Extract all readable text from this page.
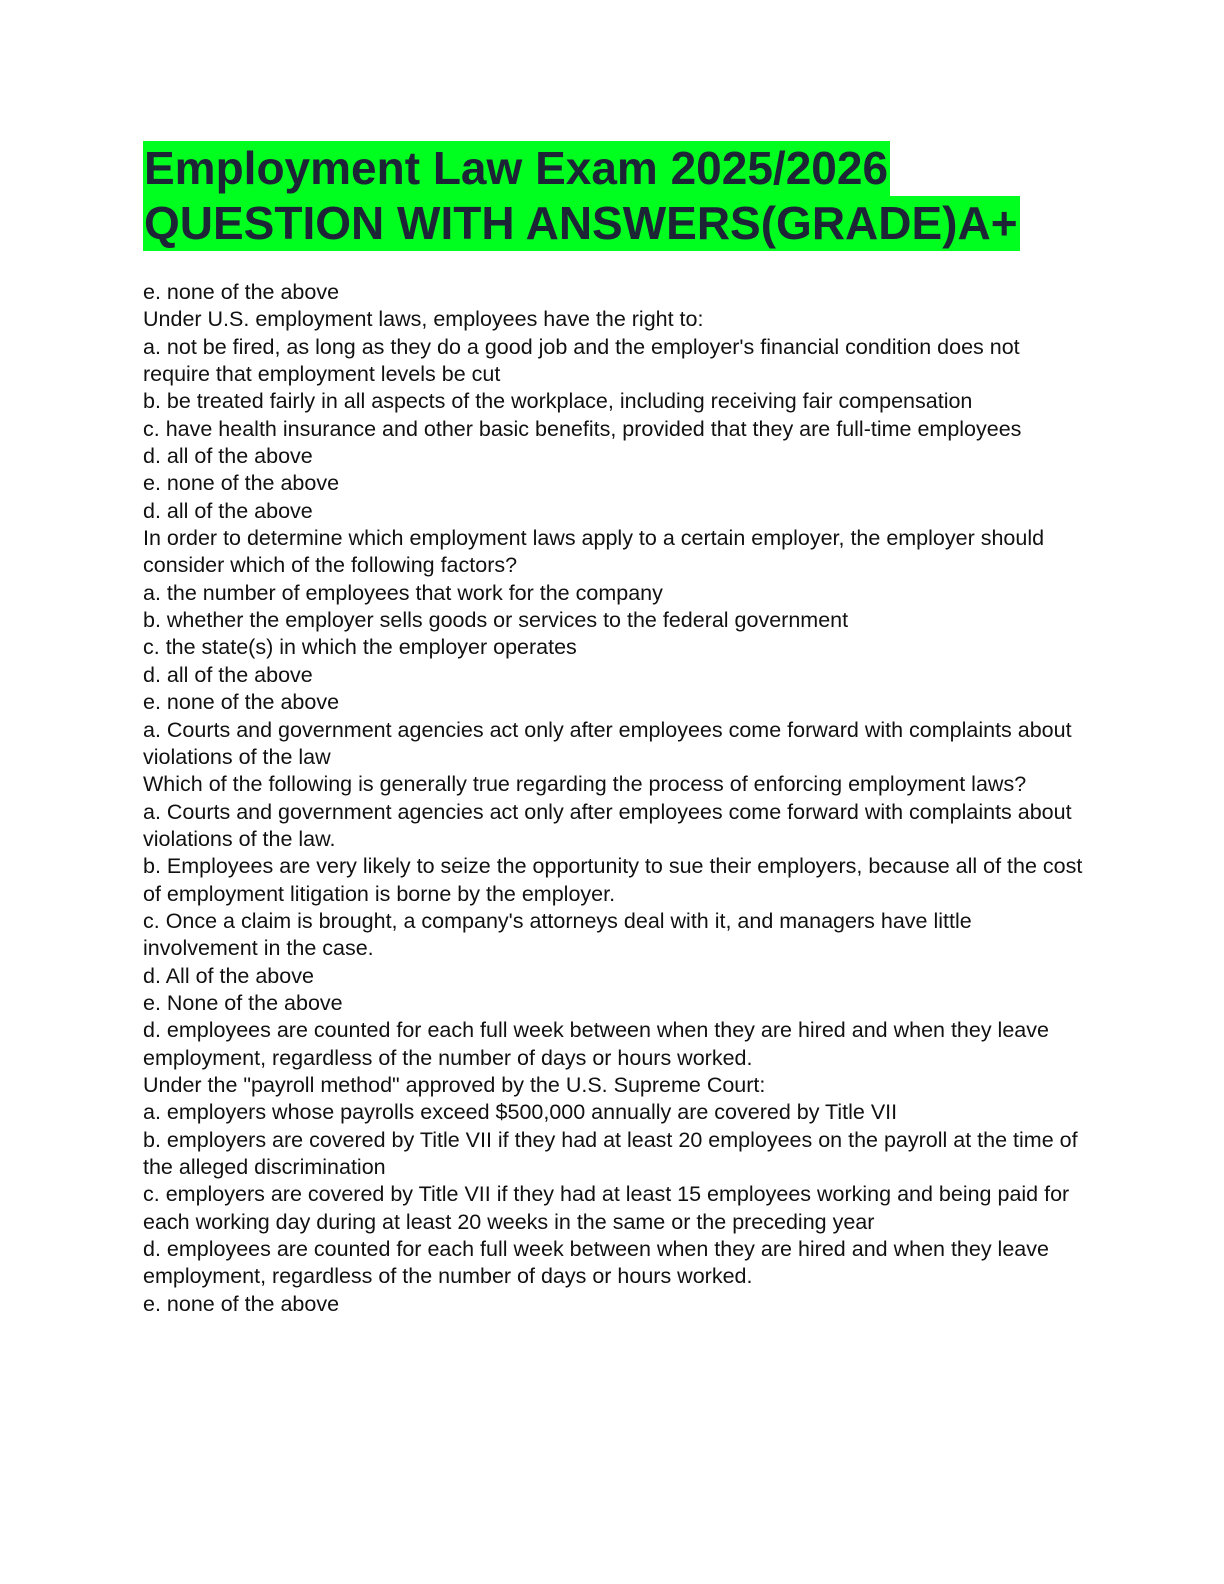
Employment Law Exam 2025/2026
QUESTION WITH ANSWERS(GRADE)A+

e. none of the above

Under U.S. employment laws, employees have the right to:

a. not be fired, as long as they do a good job and the employer's financial condition does not require that employment levels be cut

b. be treated fairly in all aspects of the workplace, including receiving fair compensation

c. have health insurance and other basic benefits, provided that they are full-time employees

d. all of the above

e. none of the above

d. all of the above

In order to determine which employment laws apply to a certain employer, the employer should consider which of the following factors?

a. the number of employees that work for the company

b. whether the employer sells goods or services to the federal government

c. the state(s) in which the employer operates

d. all of the above

e. none of the above

a. Courts and government agencies act only after employees come forward with complaints about violations of the law

Which of the following is generally true regarding the process of enforcing employment laws?

a. Courts and government agencies act only after employees come forward with complaints about violations of the law.

b. Employees are very likely to seize the opportunity to sue their employers, because all of the cost of employment litigation is borne by the employer.

c. Once a claim is brought, a company's attorneys deal with it, and managers have little involvement in the case.

d. All of the above

e. None of the above

d. employees are counted for each full week between when they are hired and when they leave employment, regardless of the number of days or hours worked.

Under the "payroll method" approved by the U.S. Supreme Court:

a. employers whose payrolls exceed $500,000 annually are covered by Title VII

b. employers are covered by Title VII if they had at least 20 employees on the payroll at the time of the alleged discrimination

c. employers are covered by Title VII if they had at least 15 employees working and being paid for each working day during at least 20 weeks in the same or the preceding year

d. employees are counted for each full week between when they are hired and when they leave employment, regardless of the number of days or hours worked.

e. none of the above
